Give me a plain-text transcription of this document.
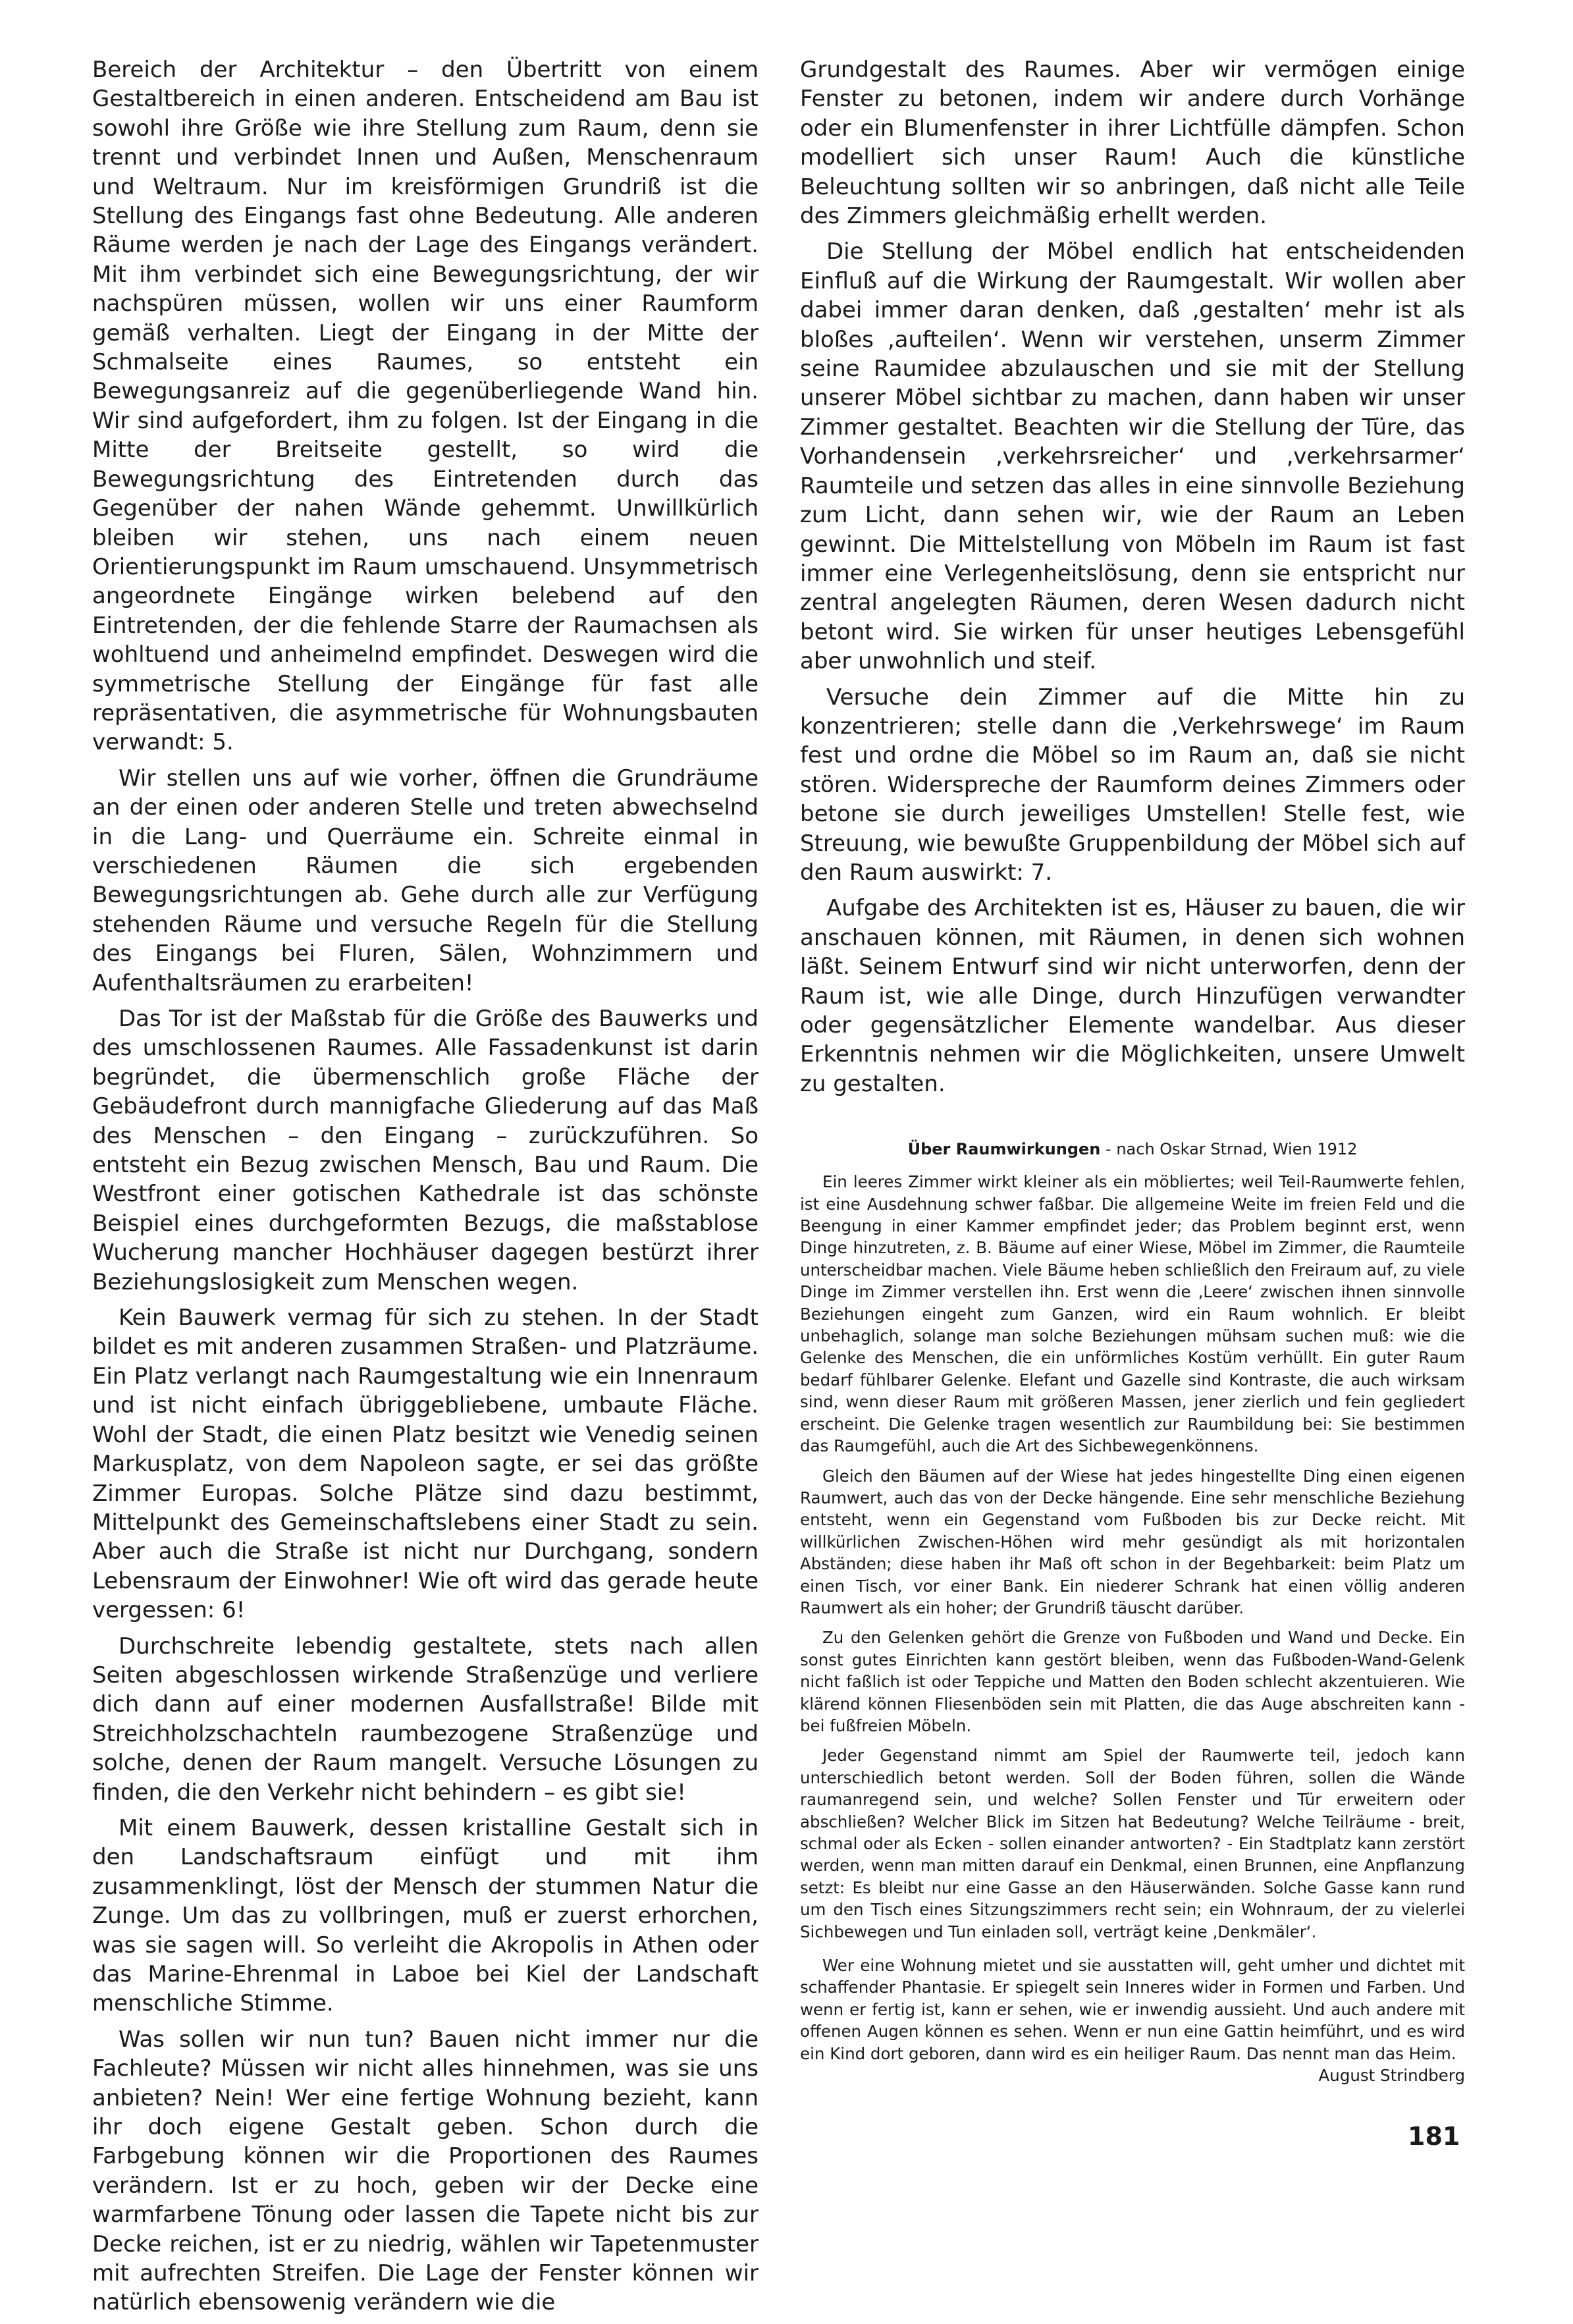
Bereich der Architektur – den Übertritt von einem Gestaltbereich in einen anderen. Entscheidend am Bau ist sowohl ihre Größe wie ihre Stellung zum Raum, denn sie trennt und verbindet Innen und Außen, Menschenraum und Weltraum. Nur im kreisförmigen Grundriß ist die Stellung des Eingangs fast ohne Bedeutung. Alle anderen Räume werden je nach der Lage des Eingangs verändert. Mit ihm verbindet sich eine Bewegungsrichtung, der wir nachspüren müssen, wollen wir uns einer Raumform gemäß verhalten. Liegt der Eingang in der Mitte der Schmalseite eines Raumes, so entsteht ein Bewegungsanreiz auf die gegenüberliegende Wand hin. Wir sind aufgefordert, ihm zu folgen. Ist der Eingang in die Mitte der Breitseite gestellt, so wird die Bewegungsrichtung des Eintretenden durch das Gegenüber der nahen Wände gehemmt. Unwillkürlich bleiben wir stehen, uns nach einem neuen Orientierungspunkt im Raum umschauend. Unsymmetrisch angeordnete Eingänge wirken belebend auf den Eintretenden, der die fehlende Starre der Raumachsen als wohltuend und anheimelnd empfindet. Deswegen wird die symmetrische Stellung der Eingänge für fast alle repräsentativen, die asymmetrische für Wohnungsbauten verwandt: 5.

Wir stellen uns auf wie vorher, öffnen die Grundräume an der einen oder anderen Stelle und treten abwechselnd in die Lang- und Querräume ein. Schreite einmal in verschiedenen Räumen die sich ergebenden Bewegungsrichtungen ab. Gehe durch alle zur Verfügung stehenden Räume und versuche Regeln für die Stellung des Eingangs bei Fluren, Sälen, Wohnzimmern und Aufenthaltsräumen zu erarbeiten!

Das Tor ist der Maßstab für die Größe des Bauwerks und des umschlossenen Raumes. Alle Fassadenkunst ist darin begründet, die übermenschlich große Fläche der Gebäudefront durch mannigfache Gliederung auf das Maß des Menschen – den Eingang – zurückzuführen. So entsteht ein Bezug zwischen Mensch, Bau und Raum. Die Westfront einer gotischen Kathedrale ist das schönste Beispiel eines durchgeformten Bezugs, die maßstablose Wucherung mancher Hochhäuser dagegen bestürzt ihrer Beziehungslosigkeit zum Menschen wegen.

Kein Bauwerk vermag für sich zu stehen. In der Stadt bildet es mit anderen zusammen Straßen- und Platzräume. Ein Platz verlangt nach Raumgestaltung wie ein Innenraum und ist nicht einfach übriggebliebene, umbaute Fläche. Wohl der Stadt, die einen Platz besitzt wie Venedig seinen Markusplatz, von dem Napoleon sagte, er sei das größte Zimmer Europas. Solche Plätze sind dazu bestimmt, Mittelpunkt des Gemeinschaftslebens einer Stadt zu sein. Aber auch die Straße ist nicht nur Durchgang, sondern Lebensraum der Einwohner! Wie oft wird das gerade heute vergessen: 6!

Durchschreite lebendig gestaltete, stets nach allen Seiten abgeschlossen wirkende Straßenzüge und verliere dich dann auf einer modernen Ausfallstraße! Bilde mit Streichholzschachteln raumbezogene Straßenzüge und solche, denen der Raum mangelt. Versuche Lösungen zu finden, die den Verkehr nicht behindern – es gibt sie!

Mit einem Bauwerk, dessen kristalline Gestalt sich in den Landschaftsraum einfügt und mit ihm zusammenklingt, löst der Mensch der stummen Natur die Zunge. Um das zu vollbringen, muß er zuerst erhorchen, was sie sagen will. So verleiht die Akropolis in Athen oder das Marine-Ehrenmal in Laboe bei Kiel der Landschaft menschliche Stimme.

Was sollen wir nun tun? Bauen nicht immer nur die Fachleute? Müssen wir nicht alles hinnehmen, was sie uns anbieten? Nein! Wer eine fertige Wohnung bezieht, kann ihr doch eigene Gestalt geben. Schon durch die Farbgebung können wir die Proportionen des Raumes verändern. Ist er zu hoch, geben wir der Decke eine warmfarbene Tönung oder lassen die Tapete nicht bis zur Decke reichen, ist er zu niedrig, wählen wir Tapetenmuster mit aufrechten Streifen. Die Lage der Fenster können wir natürlich ebensowenig verändern wie die

Grundgestalt des Raumes. Aber wir vermögen einige Fenster zu betonen, indem wir andere durch Vorhänge oder ein Blumenfenster in ihrer Lichtfülle dämpfen. Schon modelliert sich unser Raum! Auch die künstliche Beleuchtung sollten wir so anbringen, daß nicht alle Teile des Zimmers gleichmäßig erhellt werden.

Die Stellung der Möbel endlich hat entscheidenden Einfluß auf die Wirkung der Raumgestalt. Wir wollen aber dabei immer daran denken, daß ‚gestalten‘ mehr ist als bloßes ‚aufteilen‘. Wenn wir verstehen, unserm Zimmer seine Raumidee abzulauschen und sie mit der Stellung unserer Möbel sichtbar zu machen, dann haben wir unser Zimmer gestaltet. Beachten wir die Stellung der Türe, das Vorhandensein ‚verkehrsreicher‘ und ‚verkehrsarmer‘ Raumteile und setzen das alles in eine sinnvolle Beziehung zum Licht, dann sehen wir, wie der Raum an Leben gewinnt. Die Mittelstellung von Möbeln im Raum ist fast immer eine Verlegenheitslösung, denn sie entspricht nur zentral angelegten Räumen, deren Wesen dadurch nicht betont wird. Sie wirken für unser heutiges Lebensgefühl aber unwohnlich und steif.

Versuche dein Zimmer auf die Mitte hin zu konzentrieren; stelle dann die ‚Verkehrswege‘ im Raum fest und ordne die Möbel so im Raum an, daß sie nicht stören. Widerspreche der Raumform deines Zimmers oder betone sie durch jeweiliges Umstellen! Stelle fest, wie Streuung, wie bewußte Gruppenbildung der Möbel sich auf den Raum auswirkt: 7.

Aufgabe des Architekten ist es, Häuser zu bauen, die wir anschauen können, mit Räumen, in denen sich wohnen läßt. Seinem Entwurf sind wir nicht unterworfen, denn der Raum ist, wie alle Dinge, durch Hinzufügen verwandter oder gegensätzlicher Elemente wandelbar. Aus dieser Erkenntnis nehmen wir die Möglichkeiten, unsere Umwelt zu gestalten.

Über Raumwirkungen - nach Oskar Strnad, Wien 1912

Ein leeres Zimmer wirkt kleiner als ein möbliertes; weil Teil-Raumwerte fehlen, ist eine Ausdehnung schwer faßbar. Die allgemeine Weite im freien Feld und die Beengung in einer Kammer empfindet jeder; das Problem beginnt erst, wenn Dinge hinzutreten, z. B. Bäume auf einer Wiese, Möbel im Zimmer, die Raumteile unterscheidbar machen. Viele Bäume heben schließlich den Freiraum auf, zu viele Dinge im Zimmer verstellen ihn. Erst wenn die ‚Leere‘ zwischen ihnen sinnvolle Beziehungen eingeht zum Ganzen, wird ein Raum wohnlich. Er bleibt unbehaglich, solange man solche Beziehungen mühsam suchen muß: wie die Gelenke des Menschen, die ein unförmliches Kostüm verhüllt. Ein guter Raum bedarf fühlbarer Gelenke. Elefant und Gazelle sind Kontraste, die auch wirksam sind, wenn dieser Raum mit größeren Massen, jener zierlich und fein gegliedert erscheint. Die Gelenke tragen wesentlich zur Raumbildung bei: Sie bestimmen das Raumgefühl, auch die Art des Sichbewegenkönnens.

Gleich den Bäumen auf der Wiese hat jedes hingestellte Ding einen eigenen Raumwert, auch das von der Decke hängende. Eine sehr menschliche Beziehung entsteht, wenn ein Gegenstand vom Fußboden bis zur Decke reicht. Mit willkürlichen Zwischen-Höhen wird mehr gesündigt als mit horizontalen Abständen; diese haben ihr Maß oft schon in der Begehbarkeit: beim Platz um einen Tisch, vor einer Bank. Ein niederer Schrank hat einen völlig anderen Raumwert als ein hoher; der Grundriß täuscht darüber.

Zu den Gelenken gehört die Grenze von Fußboden und Wand und Decke. Ein sonst gutes Einrichten kann gestört bleiben, wenn das Fußboden-Wand-Gelenk nicht faßlich ist oder Teppiche und Matten den Boden schlecht akzentuieren. Wie klärend können Fliesenböden sein mit Platten, die das Auge abschreiten kann - bei fußfreien Möbeln.

Jeder Gegenstand nimmt am Spiel der Raumwerte teil, jedoch kann unterschiedlich betont werden. Soll der Boden führen, sollen die Wände raumanregend sein, und welche? Sollen Fenster und Tür erweitern oder abschließen? Welcher Blick im Sitzen hat Bedeutung? Welche Teilräume - breit, schmal oder als Ecken - sollen einander antworten? - Ein Stadtplatz kann zerstört werden, wenn man mitten darauf ein Denkmal, einen Brunnen, eine Anpflanzung setzt: Es bleibt nur eine Gasse an den Häuserwänden. Solche Gasse kann rund um den Tisch eines Sitzungszimmers recht sein; ein Wohnraum, der zu vielerlei Sichbewegen und Tun einladen soll, verträgt keine ‚Denkmäler‘.

Wer eine Wohnung mietet und sie ausstatten will, geht umher und dichtet mit schaffender Phantasie. Er spiegelt sein Inneres wider in Formen und Farben. Und wenn er fertig ist, kann er sehen, wie er inwendig aussieht. Und auch andere mit offenen Augen können es sehen. Wenn er nun eine Gattin heimführt, und es wird ein Kind dort geboren, dann wird es ein heiliger Raum. Das nennt man das Heim.
August Strindberg

181
